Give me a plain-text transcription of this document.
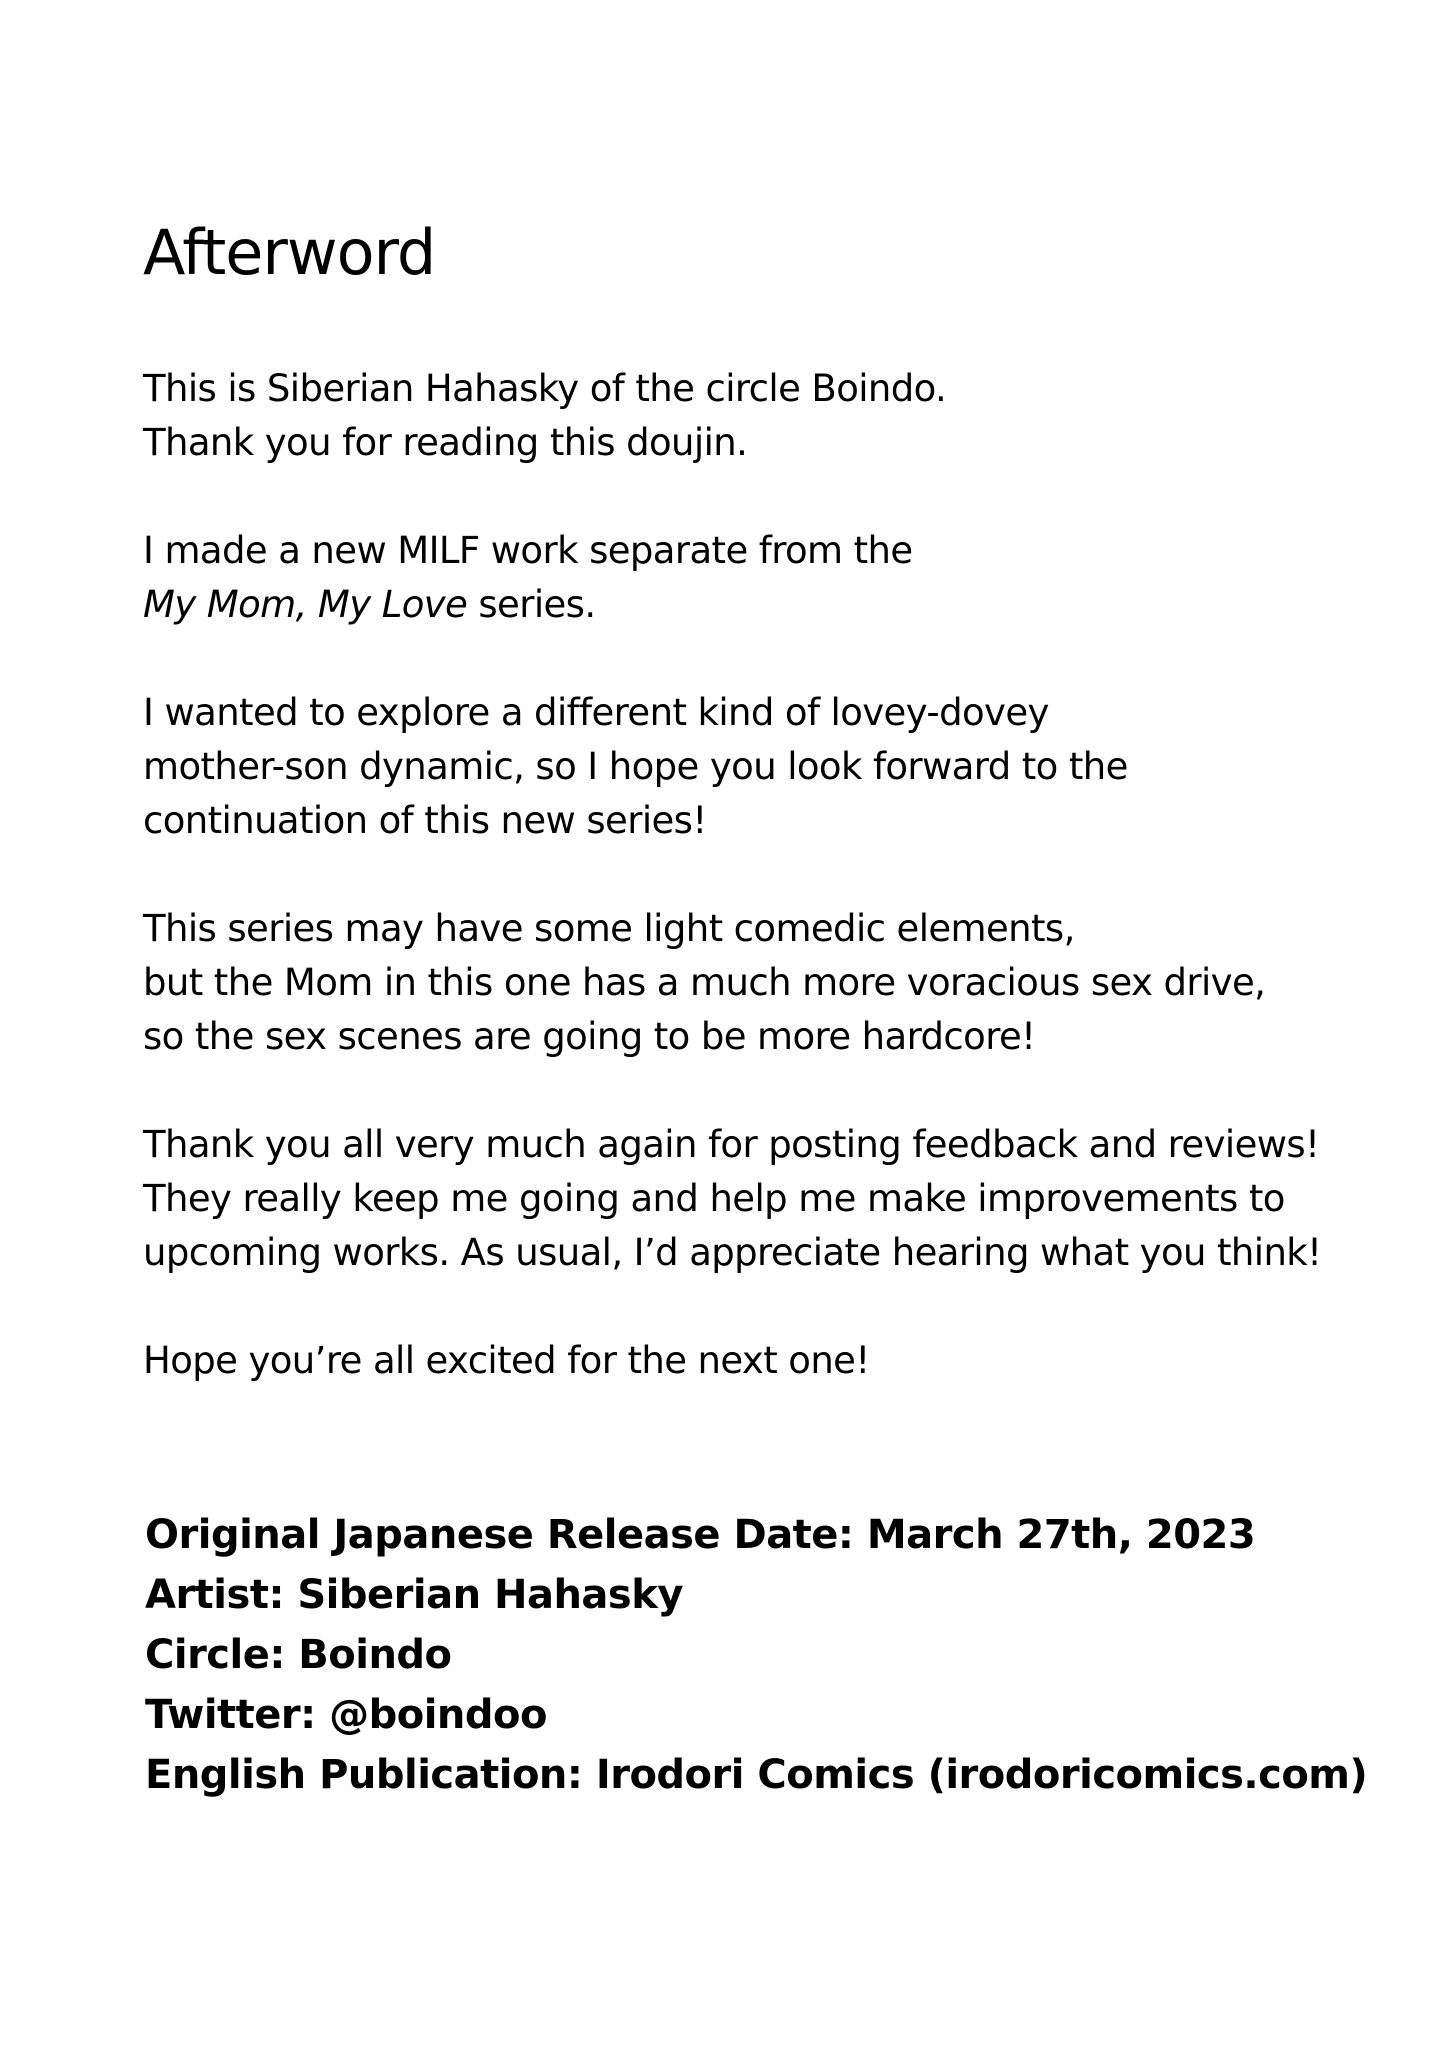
Afterword

This is Siberian Hahasky of the circle Boindo.
Thank you for reading this doujin.

I made a new MILF work separate from the
My Mom, My Love series.

I wanted to explore a different kind of lovey-dovey
mother-son dynamic, so I hope you look forward to the
continuation of this new series!

This series may have some light comedic elements,
but the Mom in this one has a much more voracious sex drive,
so the sex scenes are going to be more hardcore!

Thank you all very much again for posting feedback and reviews!
They really keep me going and help me make improvements to
upcoming works. As usual, I’d appreciate hearing what you think!

Hope you’re all excited for the next one!

Original Japanese Release Date: March 27th, 2023
Artist: Siberian Hahasky
Circle: Boindo
Twitter: @boindoo
English Publication: Irodori Comics (irodoricomics.com)
